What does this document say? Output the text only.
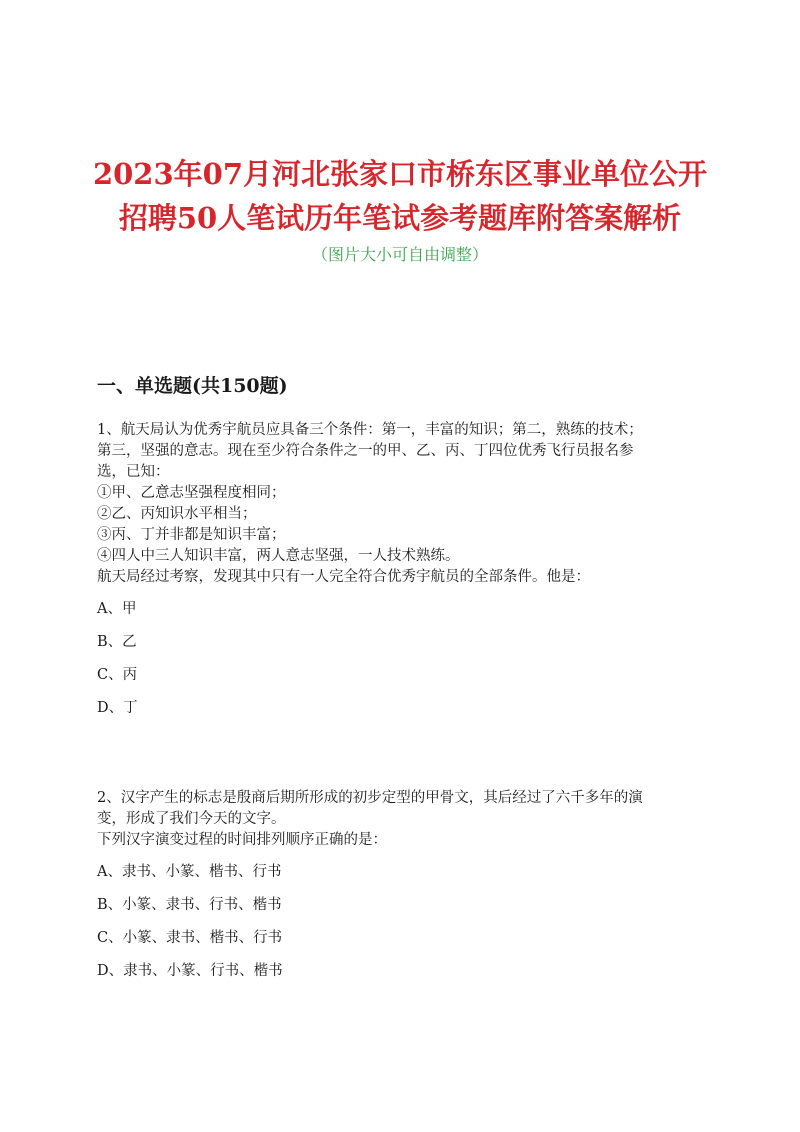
2023年07月河北张家口市桥东区事业单位公开
招聘50人笔试历年笔试参考题库附答案解析
（图片大小可自由调整）
一、单选题(共150题)
1、航天局认为优秀宇航员应具备三个条件：第一，丰富的知识；第二，熟练的技术；
第三，坚强的意志。现在至少符合条件之一的甲、乙、丙、丁四位优秀飞行员报名参
选，已知：
①甲、乙意志坚强程度相同；
②乙、丙知识水平相当；
③丙、丁并非都是知识丰富；
④四人中三人知识丰富，两人意志坚强，一人技术熟练。
航天局经过考察，发现其中只有一人完全符合优秀宇航员的全部条件。他是：
A、甲
B、乙
C、丙
D、丁
2、汉字产生的标志是殷商后期所形成的初步定型的甲骨文，其后经过了六千多年的演
变，形成了我们今天的文字。
下列汉字演变过程的时间排列顺序正确的是：
A、隶书、小篆、楷书、行书
B、小篆、隶书、行书、楷书
C、小篆、隶书、楷书、行书
D、隶书、小篆、行书、楷书
